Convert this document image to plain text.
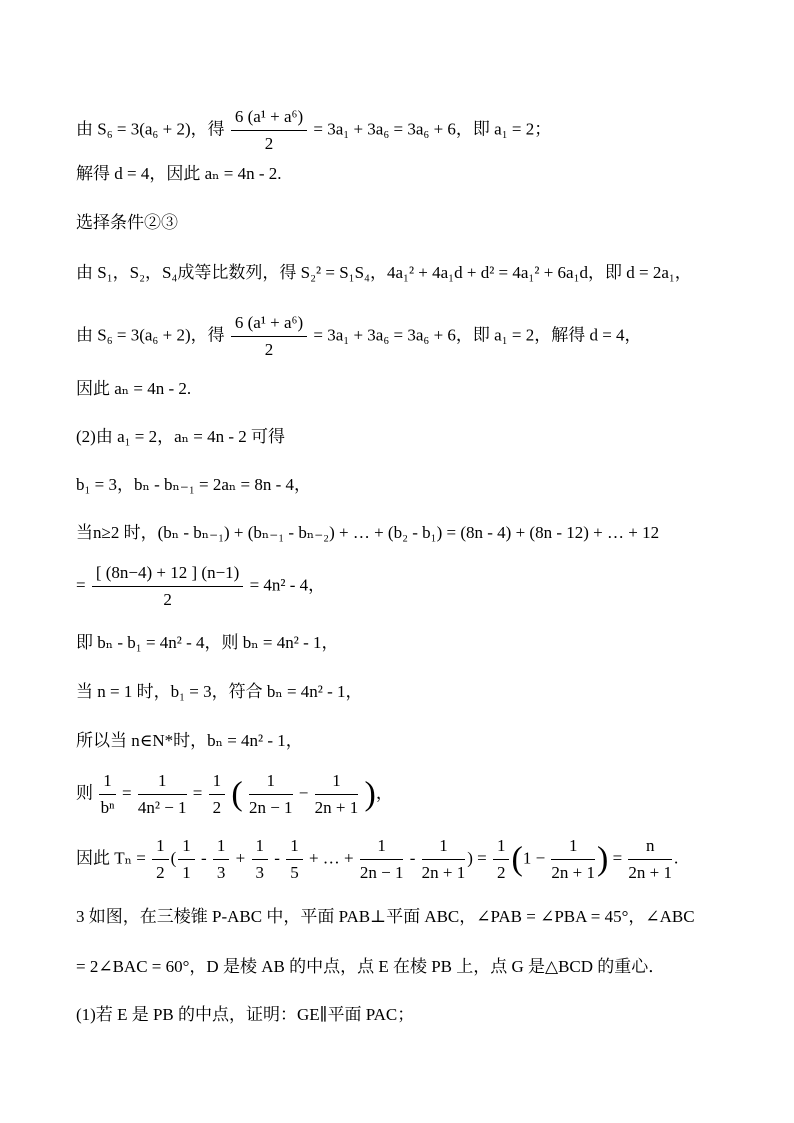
由 S₆ = 3(a₆ + 2)，得 $\frac{\text{6 (a¹ + a⁶)}}{2} = 3a_1 + 3a_6 = 3a_6 + 6$，即 a₁ = 2；
解得 d = 4，因此 aₙ = 4n - 2.
选择条件②③
由 S₁，S₂，S₄成等比数列，得 S₂² = S₁S₄，4a₁² + 4a₁d + d² = 4a₁² + 6a₁d，即 d = 2a₁，
由 S₆ = 3(a₆ + 2)，得 $\frac{\text{6 (a¹ + a⁶)}}{2} = 3a_1 + 3a_6 = 3a_6 + 6$，即 a₁ = 2，解得 d = 4，
因此 aₙ = 4n - 2.
(2)由 a₁ = 2，aₙ = 4n - 2 可得
b₁ = 3，bₙ - bₙ₋₁ = 2aₙ = 8n - 4，
当n≥2 时，(bₙ - bₙ₋₁) + (bₙ₋₁ - bₙ₋₂) + … + (b₂ - b₁) = (8n - 4) + (8n - 12) + … + 12
= $\frac{[ (8n-4) + 12 ] (n-1)}{2} = 4n^2 - 4$，
即 bₙ - b₁ = 4n² - 4，则 bₙ = 4n² - 1，
当 n = 1 时，b₁ = 3，符合 bₙ = 4n² - 1，
所以当 n∈N*时，bₙ = 4n² - 1，
则 $\frac{1}{\text{bⁿ}} = \frac{1}{\text{4n² − 1}} = \frac{1}{2}$ ( $\frac{1}{2n - 1} - \frac{1}{2n + 1}$ )，
因此 $T_n = \frac{1}{2}$ ( $\frac{1}{1} - \frac{1}{3} + \frac{1}{3} - \frac{1}{5}$ + … + $\frac{1}{2n - 1} - \frac{1}{2n + 1}$ ) = $\frac{1}{2} (1 - \frac{1}{2n + 1}$ ) = $\frac{n}{2n + 1}$ .
3 如图，在三棱锥 P-ABC 中，平面 PAB⊥平面 ABC，∠PAB = ∠PBA = 45°，∠ABC
= 2∠BAC = 60°，D 是棱 AB 的中点，点 E 在棱 PB 上，点 G 是△BCD 的重心．
(1)若 E 是 PB 的中点，证明：GE∥平面 PAC；
